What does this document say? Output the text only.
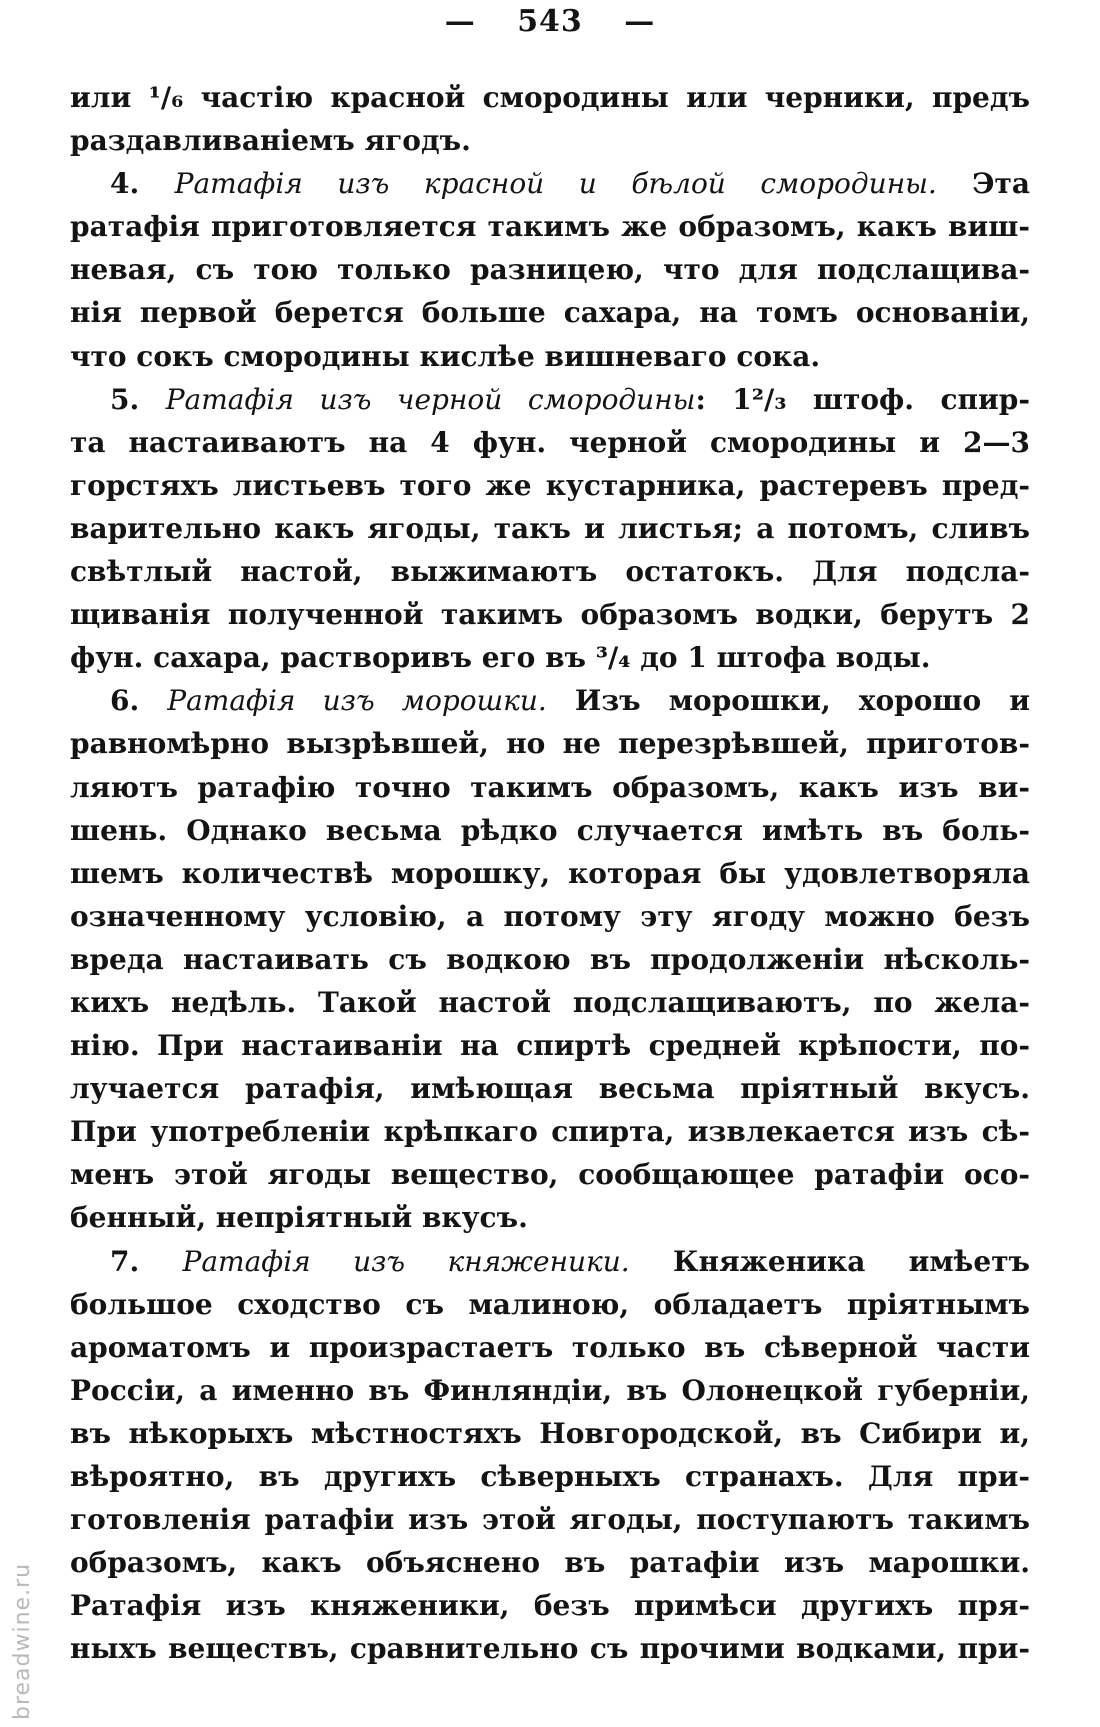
— 543 —
или ¹/₆ частію красной смородины или черники, предъ
раздавливаніемъ ягодъ.
4. Ратафія изъ красной и бѣлой смородины. Эта
ратафія приготовляется такимъ же образомъ, какъ виш-
невая, съ тою только разницею, что для подслащива-
нія первой берется больше сахара, на томъ основаніи,
что сокъ смородины кислѣе вишневаго сока.
5. Ратафія изъ черной смородины: 1²/₃ штоф. спир-
та настаиваютъ на 4 фун. черной смородины и 2—3
горстяхъ листьевъ того же кустарника, растеревъ пред-
варительно какъ ягоды, такъ и листья; а потомъ, сливъ
свѣтлый настой, выжимаютъ остатокъ. Для подсла-
щиванія полученной такимъ образомъ водки, берутъ 2
фун. сахара, растворивъ его въ ³/₄ до 1 штофа воды.
6. Ратафія изъ морошки. Изъ морошки, хорошо и
равномѣрно вызрѣвшей, но не перезрѣвшей, приготов-
ляютъ ратафію точно такимъ образомъ, какъ изъ ви-
шень. Однако весьма рѣдко случается имѣть въ боль-
шемъ количествѣ морошку, которая бы удовлетворяла
означенному условію, а потому эту ягоду можно безъ
вреда настаивать съ водкою въ продолженіи нѣсколь-
кихъ недѣль. Такой настой подслащиваютъ, по жела-
нію. При настаиваніи на спиртѣ средней крѣпости, по-
лучается ратафія, имѣющая весьма пріятный вкусъ.
При употребленіи крѣпкаго спирта, извлекается изъ сѣ-
менъ этой ягоды вещество, сообщающее ратафіи осо-
бенный, непріятный вкусъ.
7. Ратафія изъ княженики. Княженика имѣетъ
большое сходство съ малиною, обладаетъ пріятнымъ
ароматомъ и произрастаетъ только въ сѣверной части
Россіи, а именно въ Финляндіи, въ Олонецкой губерніи,
въ нѣкорыхъ мѣстностяхъ Новгородской, въ Сибири и,
вѣроятно, въ другихъ сѣверныхъ странахъ. Для при-
готовленія ратафіи изъ этой ягоды, поступаютъ такимъ
образомъ, какъ объяснено въ ратафіи изъ марошки.
Ратафія изъ княженики, безъ примѣси другихъ пря-
ныхъ веществъ, сравнительно съ прочими водками, при-
breadwine.ru
